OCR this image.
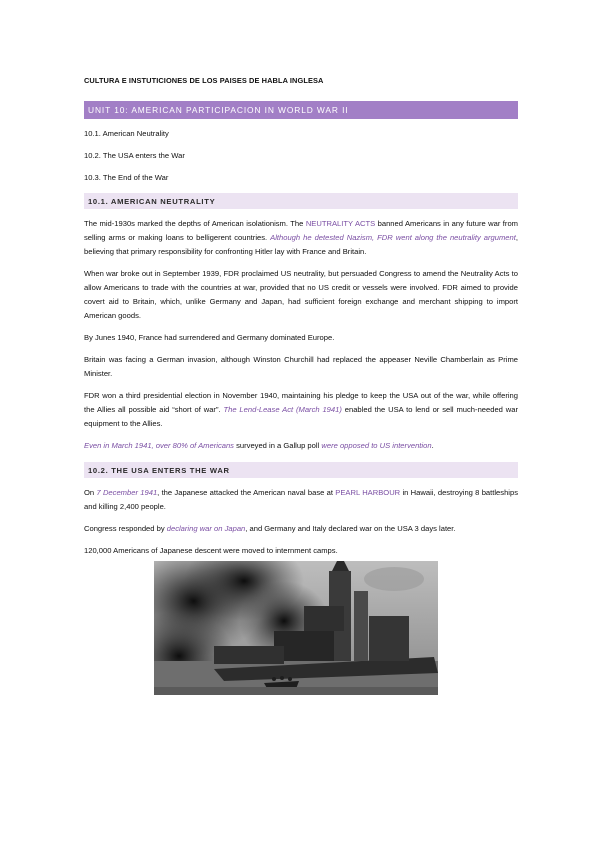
CULTURA E INSTUTICIONES DE LOS PAISES DE HABLA INGLESA
UNIT 10: AMERICAN PARTICIPACION IN WORLD WAR II
10.1. American Neutrality
10.2. The USA enters the War
10.3. The End of the War
10.1. AMERICAN NEUTRALITY

The mid-1930s marked the depths of American isolationism. The NEUTRALITY ACTS banned Americans in any future war from selling arms or making loans to belligerent countries. Although he detested Nazism, FDR went along the neutrality argument, believing that primary responsibility for confronting Hitler lay with France and Britain.

When war broke out in September 1939, FDR proclaimed US neutrality, but persuaded Congress to amend the Neutrality Acts to allow Americans to trade with the countries at war, provided that no US credit or vessels were involved. FDR aimed to provide covert aid to Britain, which, unlike Germany and Japan, had sufficient foreign exchange and merchant shipping to import American goods.

By Junes 1940, France had surrendered and Germany dominated Europe.

Britain was facing a German invasion, although Winston Churchill had replaced the appeaser Neville Chamberlain as Prime Minister.

FDR won a third presidential election in November 1940, maintaining his pledge to keep the USA out of the war, while offering the Allies all possible aid “short of war”. The Lend-Lease Act (March 1941) enabled the USA to lend or sell much-needed war equipment to the Allies.

Even in March 1941, over 80% of Americans surveyed in a Gallup poll were opposed to US intervention.

10.2. THE USA ENTERS THE WAR

On 7 December 1941, the Japanese attacked the American naval base at PEARL HARBOUR in Hawaii, destroying 8 battleships and killing 2,400 people.

Congress responded by declaring war on Japan, and Germany and Italy declared war on the USA 3 days later.

120,000 Americans of Japanese descent were moved to internment camps.
